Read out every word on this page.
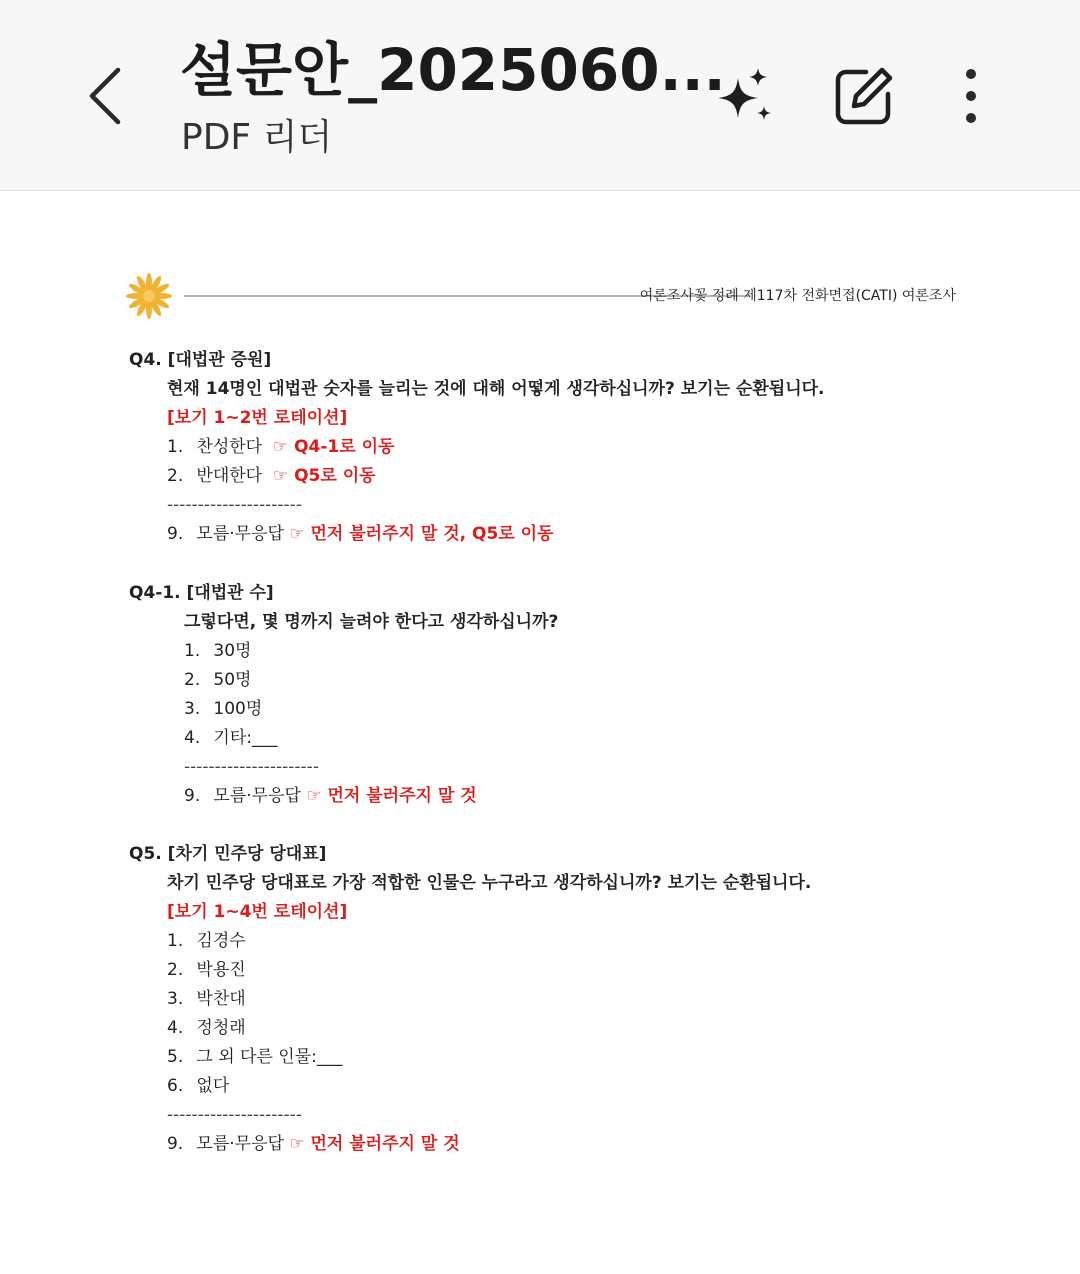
설문안_2025060...
PDF 리더
여론조사꽃 정례 제117차 전화면접(CATI) 여론조사
Q4. [대법관 증원]
현재 14명인 대법관 숫자를 늘리는 것에 대해 어떻게 생각하십니까? 보기는 순환됩니다.
[보기 1~2번 로테이션]
1. 찬성한다 ☞ Q4-1로 이동
2. 반대한다 ☞ Q5로 이동
----------------------
9. 모름·무응답 ☞ 먼저 불러주지 말 것, Q5로 이동
Q4-1. [대법관 수]
그렇다면, 몇 명까지 늘려야 한다고 생각하십니까?
1. 30명
2. 50명
3. 100명
4. 기타:___
----------------------
9. 모름·무응답 ☞ 먼저 불러주지 말 것
Q5. [차기 민주당 당대표]
차기 민주당 당대표로 가장 적합한 인물은 누구라고 생각하십니까? 보기는 순환됩니다.
[보기 1~4번 로테이션]
1. 김경수
2. 박용진
3. 박찬대
4. 정청래
5. 그 외 다른 인물:___
6. 없다
----------------------
9. 모름·무응답 ☞ 먼저 불러주지 말 것
